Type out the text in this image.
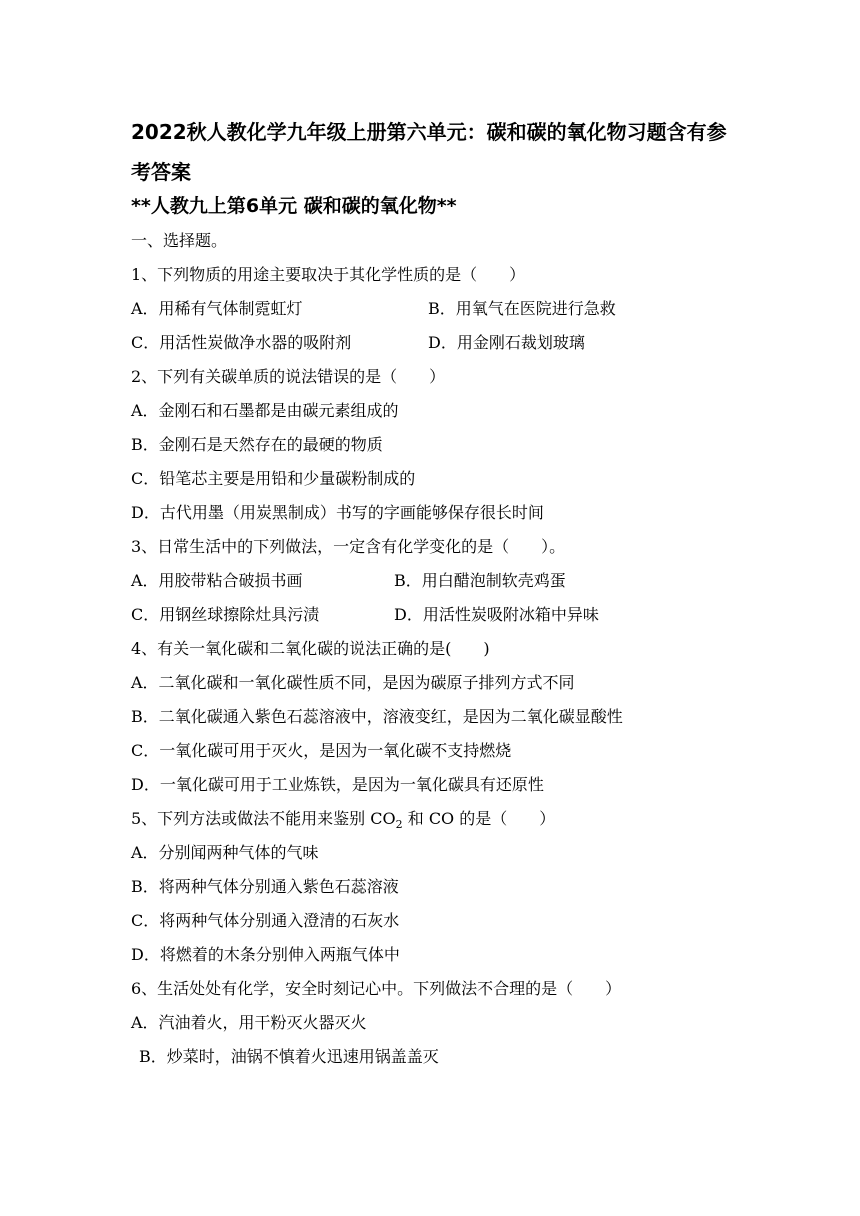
2022秋人教化学九年级上册第六单元：碳和碳的氧化物习题含有参
考答案
**人教九上第6单元 碳和碳的氧化物**
一、选择题。
1、下列物质的用途主要取决于其化学性质的是（　　）
A．用稀有气体制霓虹灯	B．用氧气在医院进行急救
C．用活性炭做净水器的吸附剂	D．用金刚石裁划玻璃
2、下列有关碳单质的说法错误的是（　　）
A．金刚石和石墨都是由碳元素组成的
B．金刚石是天然存在的最硬的物质
C．铅笔芯主要是用铅和少量碳粉制成的
D．古代用墨（用炭黑制成）书写的字画能够保存很长时间
3、日常生活中的下列做法，一定含有化学变化的是（　　）。
A．用胶带粘合破损书画	B．用白醋泡制软壳鸡蛋
C．用钢丝球擦除灶具污渍	D．用活性炭吸附冰箱中异味
4、有关一氧化碳和二氧化碳的说法正确的是(　　)
A．二氧化碳和一氧化碳性质不同，是因为碳原子排列方式不同
B．二氧化碳通入紫色石蕊溶液中，溶液变红，是因为二氧化碳显酸性
C．一氧化碳可用于灭火，是因为一氧化碳不支持燃烧
D．一氧化碳可用于工业炼铁，是因为一氧化碳具有还原性
5、下列方法或做法不能用来鉴别 $CO_2$ 和 CO 的是（　　）
A．分别闻两种气体的气味
B．将两种气体分别通入紫色石蕊溶液
C．将两种气体分别通入澄清的石灰水
D．将燃着的木条分别伸入两瓶气体中
6、生活处处有化学，安全时刻记心中。下列做法不合理的是（　　）
A．汽油着火，用干粉灭火器灭火
B．炒菜时，油锅不慎着火迅速用锅盖盖灭
